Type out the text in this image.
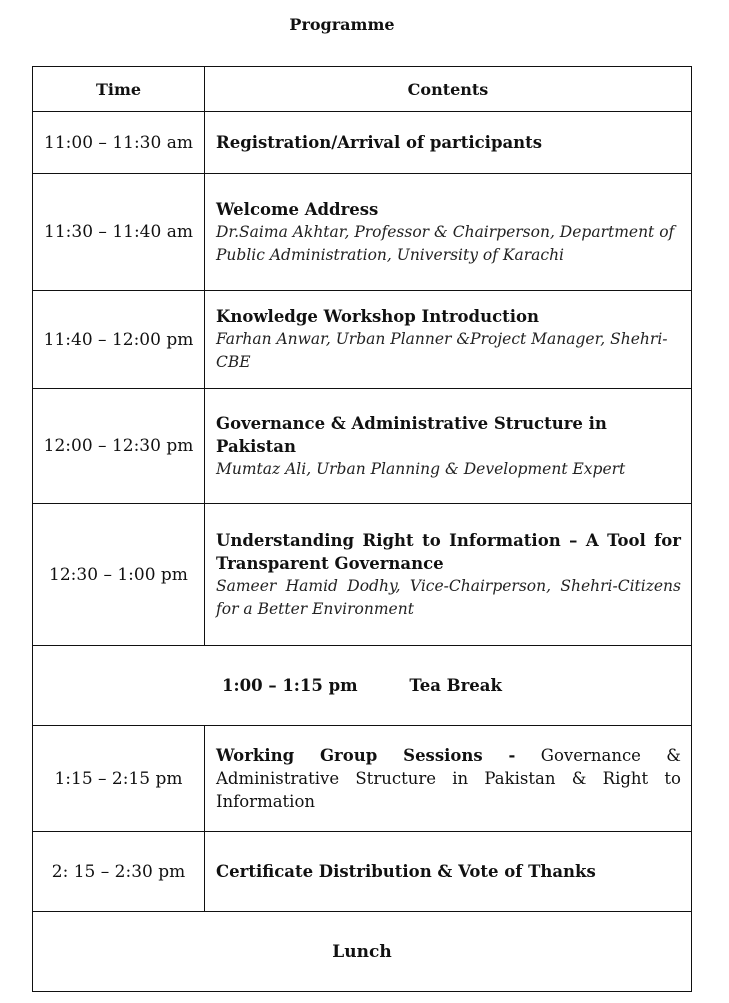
Programme
Time	Contents
11:00 – 11:30 am	Registration/Arrival of participants

11:30 – 11:40 am	Welcome Address
Dr.Saima Akhtar, Professor & Chairperson, Department of Public Administration, University of Karachi

11:40 – 12:00 pm	Knowledge Workshop Introduction
Farhan Anwar, Urban Planner &Project Manager, Shehri-CBE

12:00 – 12:30 pm	Governance & Administrative Structure in Pakistan
Mumtaz Ali, Urban Planning & Development Expert

12:30 – 1:00 pm	Understanding Right to Information – A Tool for Transparent Governance
Sameer Hamid Dodhy, Vice-Chairperson, Shehri-Citizens for a Better Environment

1:00 – 1:15 pm Tea Break	
1:15 – 2:15 pm	Working Group Sessions - Governance & Administrative Structure in Pakistan & Right to Information

2: 15 – 2:30 pm	Certificate Distribution & Vote of Thanks

Lunch	
